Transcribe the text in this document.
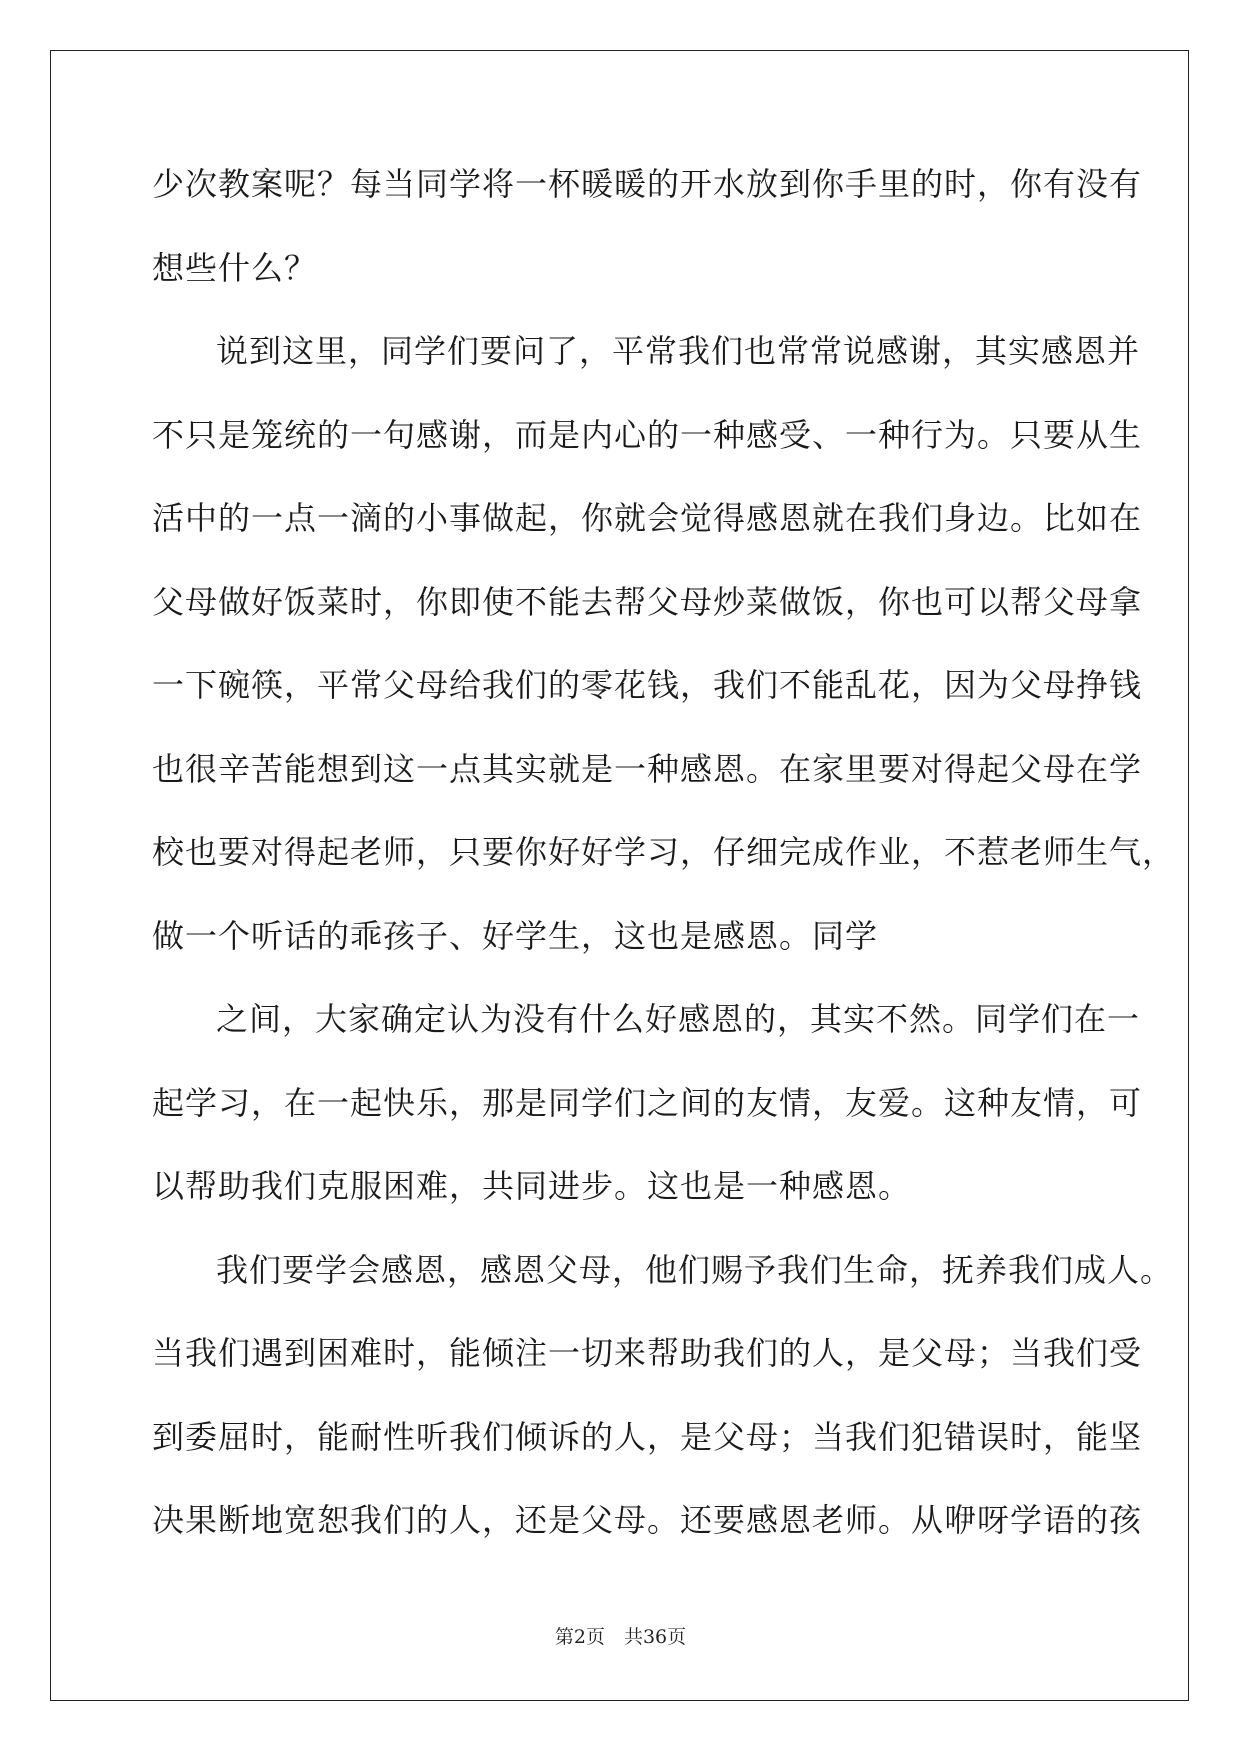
少次教案呢？每当同学将一杯暖暖的开水放到你手里的时，你有没有
想些什么？
说到这里，同学们要问了，平常我们也常常说感谢，其实感恩并
不只是笼统的一句感谢，而是内心的一种感受、一种行为。只要从生
活中的一点一滴的小事做起，你就会觉得感恩就在我们身边。比如在
父母做好饭菜时，你即使不能去帮父母炒菜做饭，你也可以帮父母拿
一下碗筷，平常父母给我们的零花钱，我们不能乱花，因为父母挣钱
也很辛苦能想到这一点其实就是一种感恩。在家里要对得起父母在学
校也要对得起老师，只要你好好学习，仔细完成作业，不惹老师生气，
做一个听话的乖孩子、好学生，这也是感恩。同学
之间，大家确定认为没有什么好感恩的，其实不然。同学们在一
起学习，在一起快乐，那是同学们之间的友情，友爱。这种友情，可
以帮助我们克服困难，共同进步。这也是一种感恩。
我们要学会感恩，感恩父母，他们赐予我们生命，抚养我们成人。
当我们遇到困难时，能倾注一切来帮助我们的人，是父母；当我们受
到委屈时，能耐性听我们倾诉的人，是父母；当我们犯错误时，能坚
决果断地宽恕我们的人，还是父母。还要感恩老师。从咿呀学语的孩
第2页　共36页
